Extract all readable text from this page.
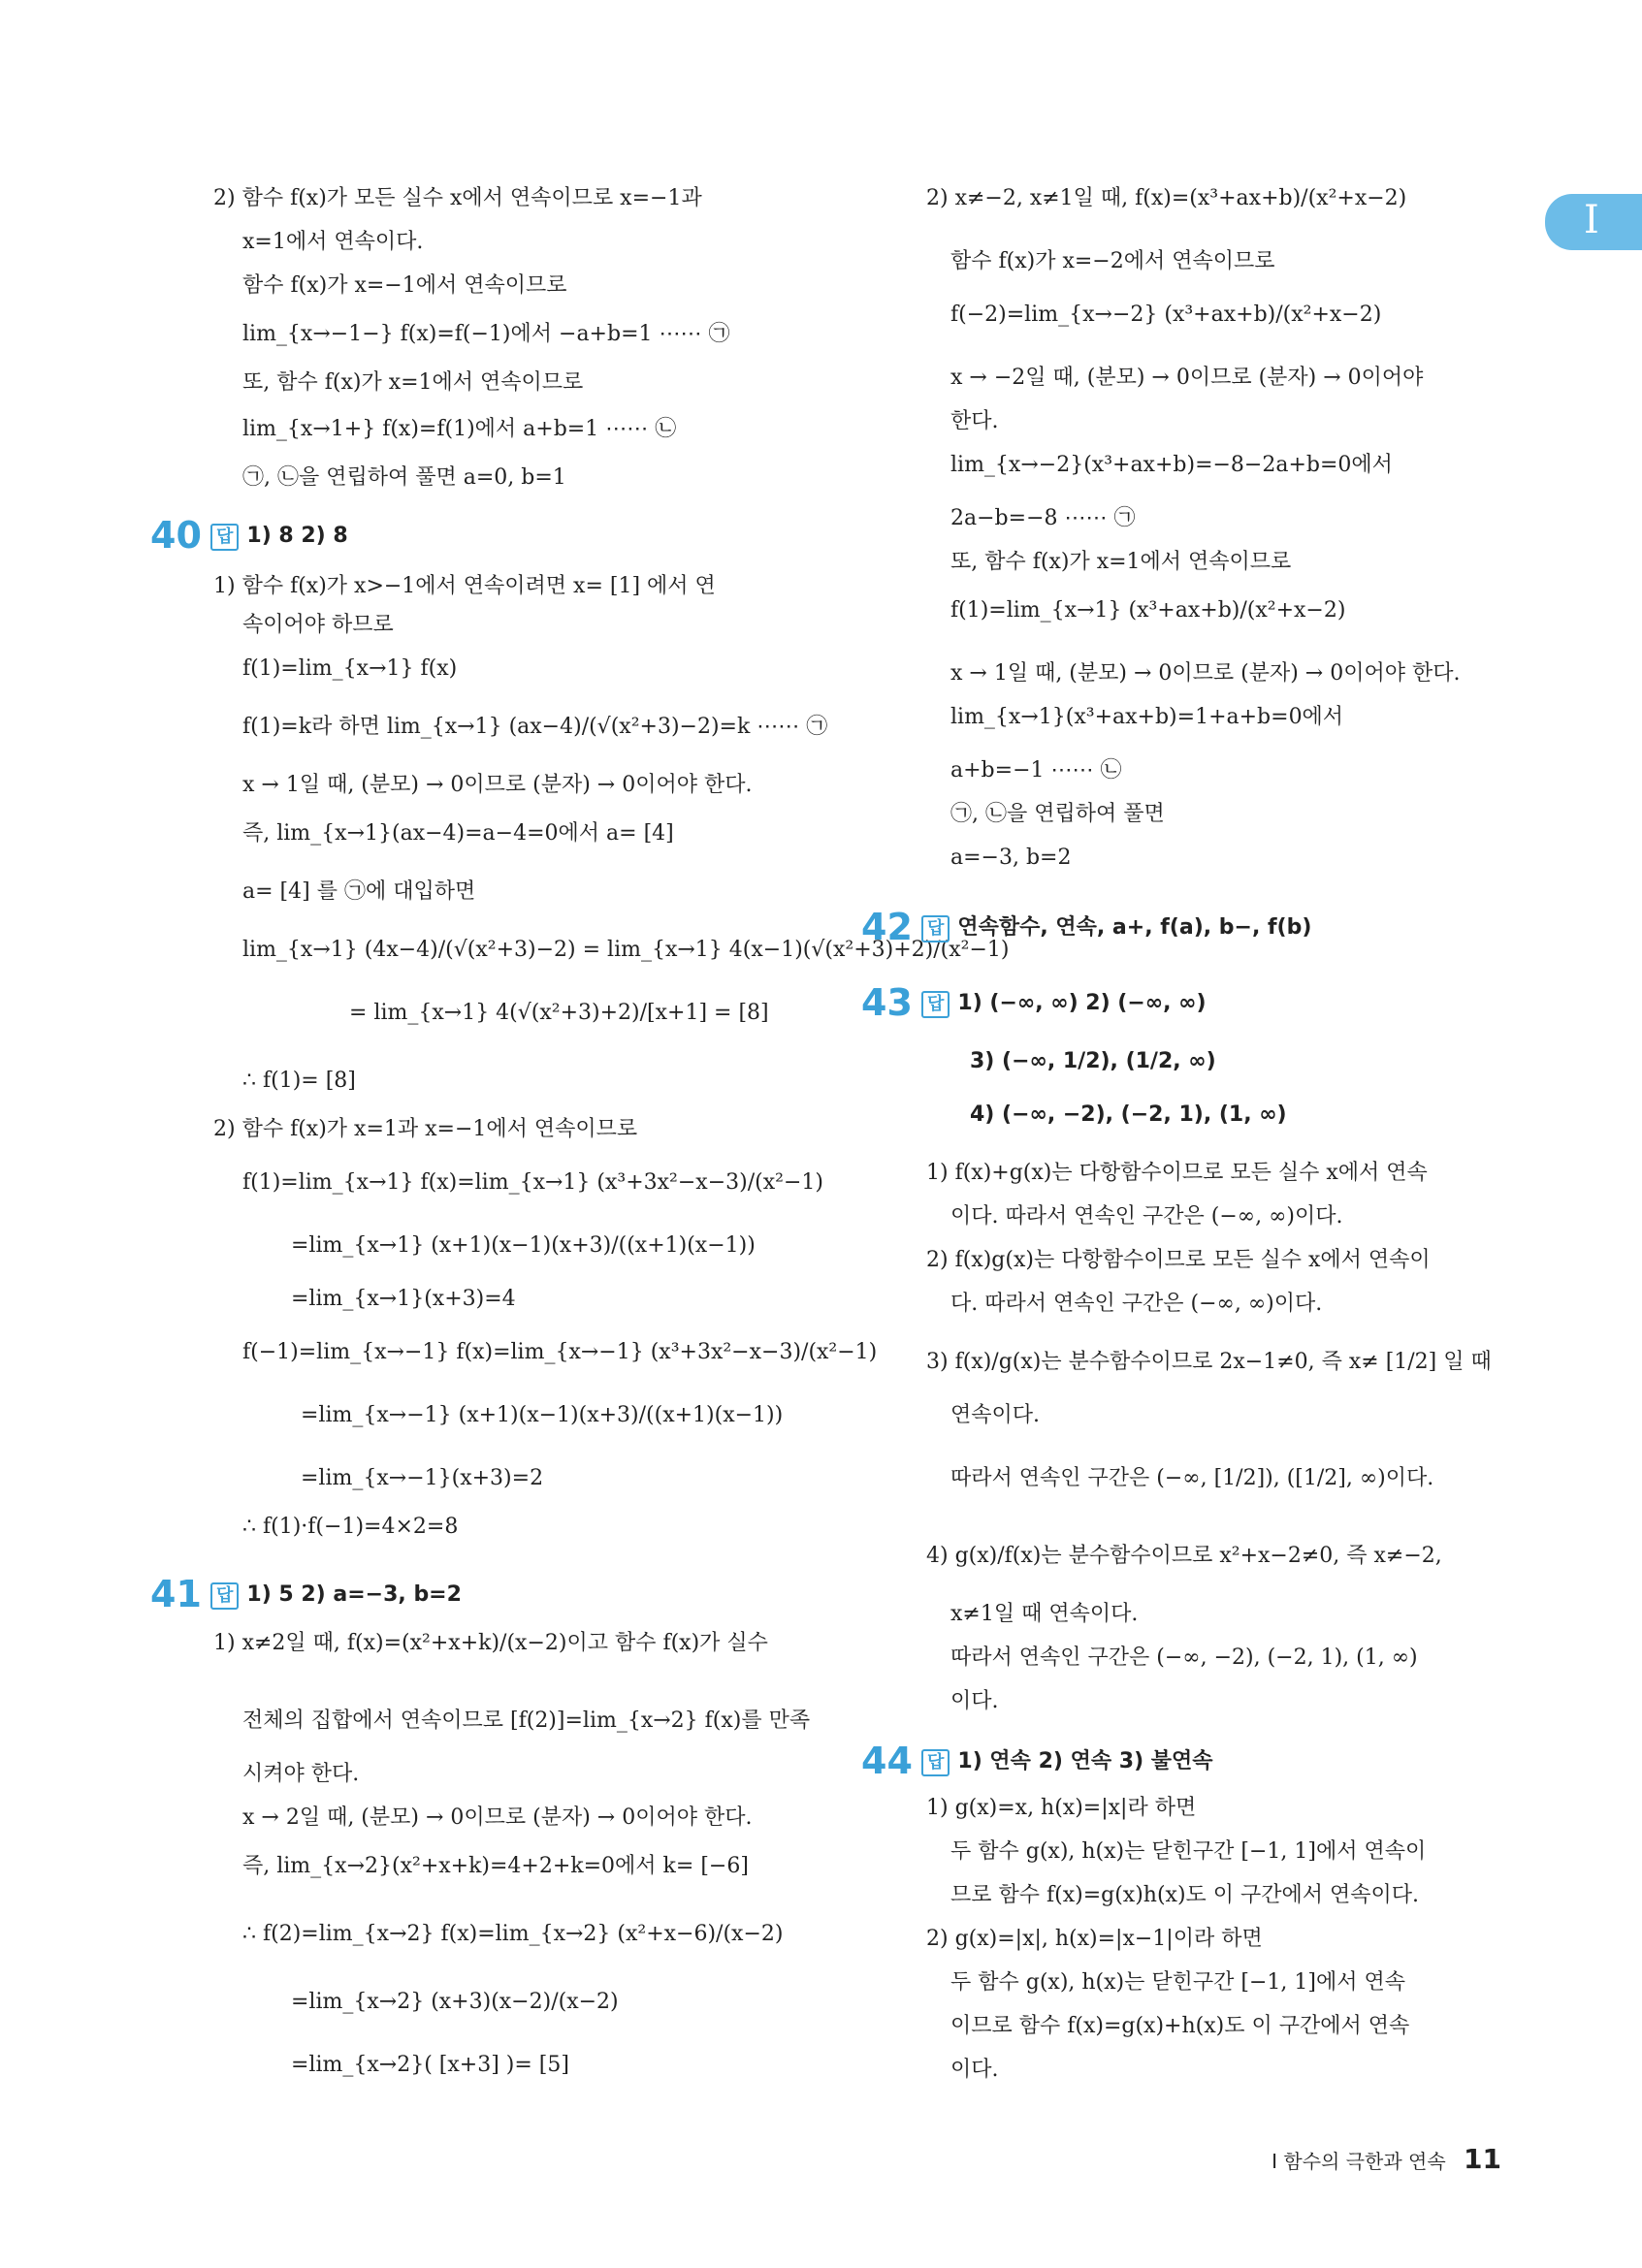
I
2) 함수 f(x)가 모든 실수 x에서 연속이므로 x=−1과
x=1에서 연속이다.
함수 f(x)가 x=−1에서 연속이므로
lim_{x→−1−} f(x)=f(−1)에서 −a+b=1 ⋯⋯ ㉠
또, 함수 f(x)가 x=1에서 연속이므로
lim_{x→1+} f(x)=f(1)에서 a+b=1 ⋯⋯ ㉡
㉠, ㉡을 연립하여 풀면 a=0, b=1
1) 함수 f(x)가 x>−1에서 연속이려면 x= [1] 에서 연
속이어야 하므로
f(1)=lim_{x→1} f(x)
f(1)=k라 하면 lim_{x→1} (ax−4)/(√(x²+3)−2)=k ⋯⋯ ㉠
x → 1일 때, (분모) → 0이므로 (분자) → 0이어야 한다.
즉, lim_{x→1}(ax−4)=a−4=0에서 a= [4]
a= [4] 를 ㉠에 대입하면
lim_{x→1} (4x−4)/(√(x²+3)−2) = lim_{x→1} 4(x−1)(√(x²+3)+2)/(x²−1)
= lim_{x→1} 4(√(x²+3)+2)/[x+1] = [8]
∴ f(1)= [8]
2) 함수 f(x)가 x=1과 x=−1에서 연속이므로
f(1)=lim_{x→1} f(x)=lim_{x→1} (x³+3x²−x−3)/(x²−1)
=lim_{x→1} (x+1)(x−1)(x+3)/((x+1)(x−1))
=lim_{x→1}(x+3)=4
f(−1)=lim_{x→−1} f(x)=lim_{x→−1} (x³+3x²−x−3)/(x²−1)
=lim_{x→−1} (x+1)(x−1)(x+3)/((x+1)(x−1))
=lim_{x→−1}(x+3)=2
∴ f(1)·f(−1)=4×2=8
1) x≠2일 때, f(x)=(x²+x+k)/(x−2)이고 함수 f(x)가 실수
전체의 집합에서 연속이므로 [f(2)]=lim_{x→2} f(x)를 만족
시켜야 한다.
x → 2일 때, (분모) → 0이므로 (분자) → 0이어야 한다.
즉, lim_{x→2}(x²+x+k)=4+2+k=0에서 k= [−6]
∴ f(2)=lim_{x→2} f(x)=lim_{x→2} (x²+x−6)/(x−2)
=lim_{x→2} (x+3)(x−2)/(x−2)
=lim_{x→2}( [x+3] )= [5]
2) x≠−2, x≠1일 때, f(x)=(x³+ax+b)/(x²+x−2)
함수 f(x)가 x=−2에서 연속이므로
f(−2)=lim_{x→−2} (x³+ax+b)/(x²+x−2)
x → −2일 때, (분모) → 0이므로 (분자) → 0이어야
한다.
lim_{x→−2}(x³+ax+b)=−8−2a+b=0에서
2a−b=−8 ⋯⋯ ㉠
또, 함수 f(x)가 x=1에서 연속이므로
f(1)=lim_{x→1} (x³+ax+b)/(x²+x−2)
x → 1일 때, (분모) → 0이므로 (분자) → 0이어야 한다.
lim_{x→1}(x³+ax+b)=1+a+b=0에서
a+b=−1 ⋯⋯ ㉡
㉠, ㉡을 연립하여 풀면
a=−3, b=2
1) f(x)+g(x)는 다항함수이므로 모든 실수 x에서 연속
이다. 따라서 연속인 구간은 (−∞, ∞)이다.
2) f(x)g(x)는 다항함수이므로 모든 실수 x에서 연속이
다. 따라서 연속인 구간은 (−∞, ∞)이다.
3) f(x)/g(x)는 분수함수이므로 2x−1≠0, 즉 x≠ [1/2] 일 때
연속이다.
따라서 연속인 구간은 (−∞, [1/2]), ([1/2], ∞)이다.
4) g(x)/f(x)는 분수함수이므로 x²+x−2≠0, 즉 x≠−2,
x≠1일 때 연속이다.
따라서 연속인 구간은 (−∞, −2), (−2, 1), (1, ∞)
이다.
1) g(x)=x, h(x)=|x|라 하면
두 함수 g(x), h(x)는 닫힌구간 [−1, 1]에서 연속이
므로 함수 f(x)=g(x)h(x)도 이 구간에서 연속이다.
2) g(x)=|x|, h(x)=|x−1|이라 하면
두 함수 g(x), h(x)는 닫힌구간 [−1, 1]에서 연속
이므로 함수 f(x)=g(x)+h(x)도 이 구간에서 연속
이다.
40 답 1) 8 2) 8
41 답 1) 5 2) a=−3, b=2
42 답 연속함수, 연속, a+, f(a), b−, f(b)
43 답 1) (−∞, ∞) 2) (−∞, ∞)
44 답 1) 연속 2) 연속 3) 불연속
3) (−∞, 1/2), (1/2, ∞)
4) (−∞, −2), (−2, 1), (1, ∞)
I 함수의 극한과 연속 11
